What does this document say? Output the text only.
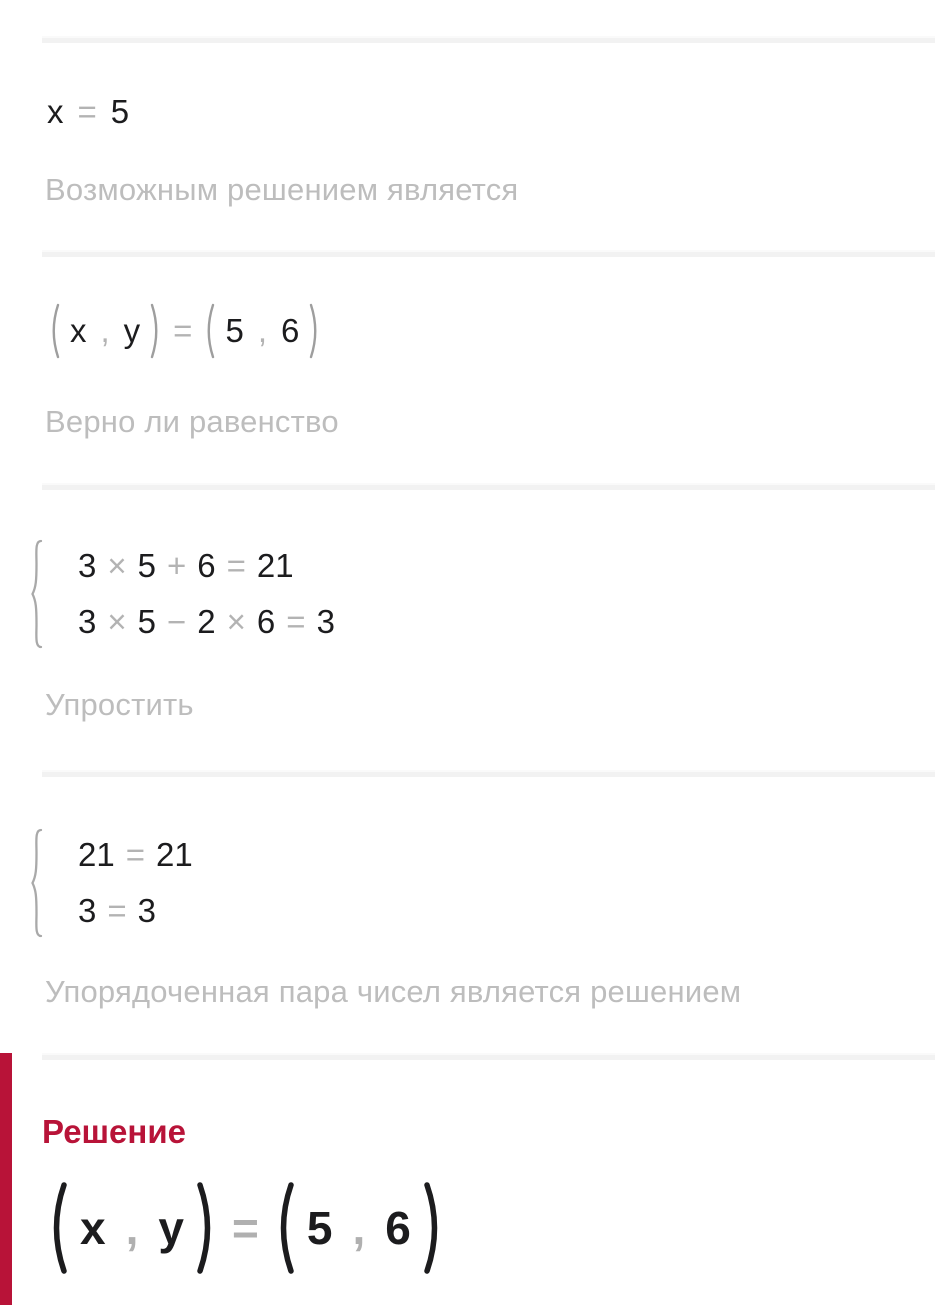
x = 5
Возможным решением является
x , y = 5 , 6
Верно ли равенство
3 × 5 + 6 = 21
3 × 5 − 2 × 6 = 3
Упростить
21 = 21
3 = 3
Упорядоченная пара чисел является решением
Решение
x , y = 5 , 6
